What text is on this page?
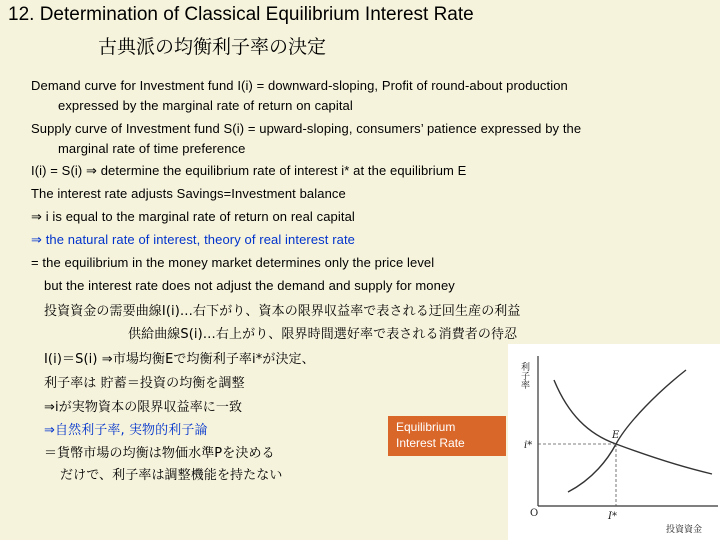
12. Determination of Classical Equilibrium Interest Rate
古典派の均衡利子率の決定
Demand curve for Investment fund I(i) = downward-sloping, Profit of round-about production
expressed by the marginal rate of return on capital
Supply curve of Investment fund S(i) = upward-sloping, consumers’ patience expressed by the
marginal rate of time preference
I(i) = S(i) ⇒ determine the equilibrium rate of interest i* at the equilibrium E
The interest rate adjusts Savings=Investment balance
⇒ i is equal to the marginal rate of return on real capital
⇒ the natural rate of interest, theory of real interest rate
= the equilibrium in the money market determines only the price level
but the interest rate does not adjust the demand and supply for money
投資資金の需要曲線I(i)…右下がり、資本の限界収益率で表される迂回生産の利益
供給曲線S(i)…右上がり、限界時間選好率で表される消費者の待忍
I(i)＝S(i) ⇒市場均衡Eで均衡利子率i*が決定、
利子率は 貯蓄＝投資の均衡を調整
⇒iが実物資本の限界収益率に一致
⇒自然利子率, 実物的利子論
＝貨幣市場の均衡は物価水準Pを決める
だけで、利子率は調整機能を持たない
Equilibrium
Interest Rate
利子率
E
i*
I*
O
投資資金
